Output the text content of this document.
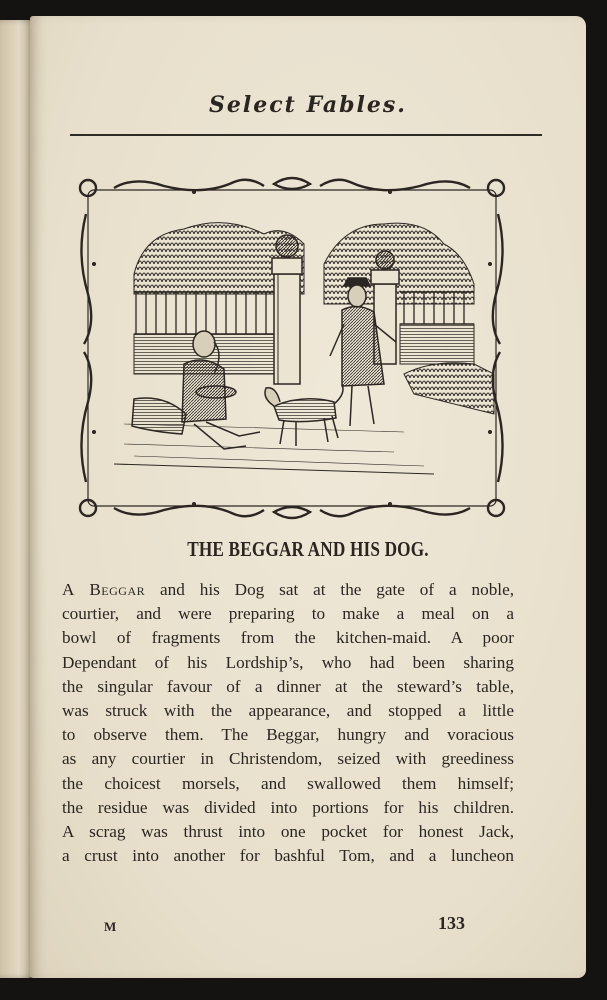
Select Fables.
THE BEGGAR AND HIS DOG.
A Beggar and his Dog sat at the gate of a noble,
courtier, and were preparing to make a meal on a
bowl of fragments from the kitchen-maid. A poor
Dependant of his Lordship’s, who had been sharing
the singular favour of a dinner at the steward’s table,
was struck with the appearance, and stopped a little
to observe them. The Beggar, hungry and voracious
as any courtier in Christendom, seized with greediness
the choicest morsels, and swallowed them himself;
the residue was divided into portions for his children.
A scrag was thrust into one pocket for honest Jack,
a crust into another for bashful Tom, and a luncheon
M	133
